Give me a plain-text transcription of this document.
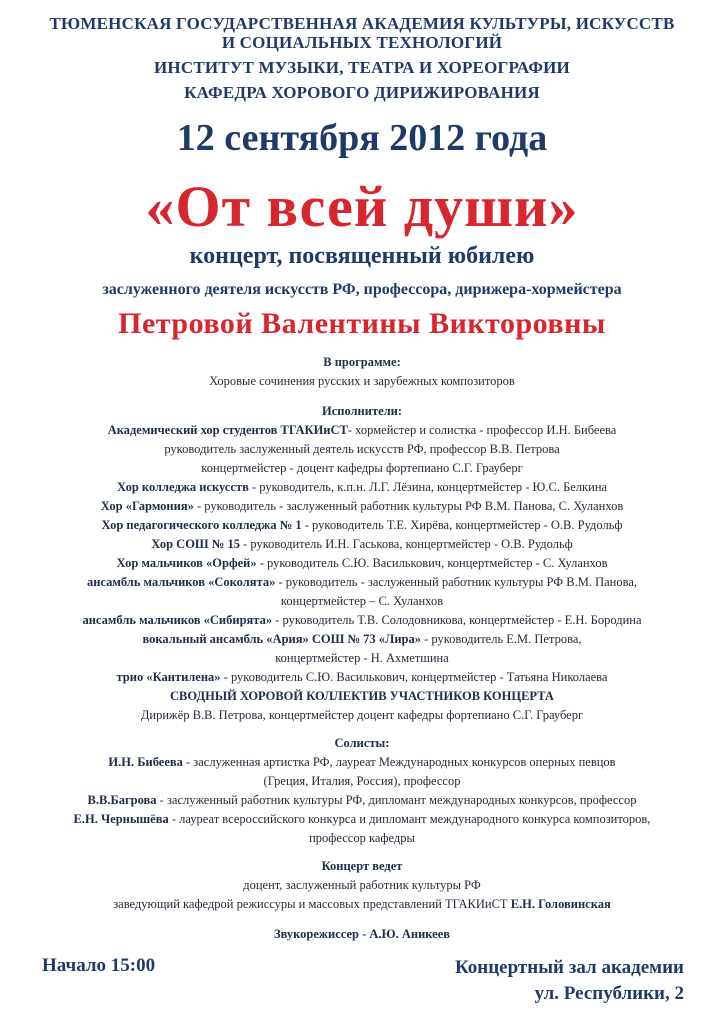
ТЮМЕНСКАЯ ГОСУДАРСТВЕННАЯ АКАДЕМИЯ КУЛЬТУРЫ, ИСКУССТВ
И СОЦИАЛЬНЫХ ТЕХНОЛОГИЙ
ИНСТИТУТ МУЗЫКИ, ТЕАТРА И ХОРЕОГРАФИИ
КАФЕДРА ХОРОВОГО ДИРИЖИРОВАНИЯ
12 сентября 2012 года
«От всей души»
концерт, посвященный юбилею
заслуженного деятеля искусств РФ, профессора, дирижера-хормейстера
Петровой Валентины Викторовны
В программе:
Хоровые сочинения русских и зарубежных композиторов
Исполнители:
Академический хор студентов ТГАКИиСТ- хормейстер и солистка - профессор И.Н. Бибеева
руководитель заслуженный деятель искусств РФ, профессор В.В. Петрова
концертмейстер - доцент кафедры фортепиано С.Г. Грауберг
Хор колледжа искусств - руководитель, к.п.н. Л.Г. Лёзина, концертмейстер - Ю.С. Белкина
Хор «Гармония» - руководитель - заслуженный работник культуры РФ В.М. Панова, С. Хуланхов
Хор педагогического колледжа № 1 - руководитель Т.Е. Хирёва, концертмейстер - О.В. Рудольф
Хор СОШ № 15 - руководитель И.Н. Гаськова, концертмейстер - О.В. Рудольф
Хор мальчиков «Орфей» - руководитель С.Ю. Василькович, концертмейстер - С. Хуланхов
ансамбль мальчиков «Соколята» - руководитель - заслуженный работник культуры РФ В.М. Панова,
концертмейстер – С. Хуланхов
ансамбль мальчиков «Сибирята» - руководитель Т.В. Солодовникова, концертмейстер - Е.Н. Бородина
вокальный ансамбль «Ария» СОШ № 73 «Лира» - руководитель Е.М. Петрова,
концертмейстер - Н. Ахметшина
трио «Кантилена» - руководитель С.Ю. Василькович, концертмейстер - Татьяна Николаева
СВОДНЫЙ ХОРОВОЙ КОЛЛЕКТИВ УЧАСТНИКОВ КОНЦЕРТА
Дирижёр В.В. Петрова, концертмейстер доцент кафедры фортепиано С.Г. Грауберг
Солисты:
И.Н. Бибеева - заслуженная артистка РФ, лауреат Международных конкурсов оперных певцов
(Греция, Италия, Россия), профессор
В.В.Багрова - заслуженный работник культуры РФ, дипломант международных конкурсов, профессор
Е.Н. Чернышёва - лауреат всероссийского конкурса и дипломант международного конкурса композиторов,
профессор кафедры
Концерт ведет
доцент, заслуженный работник культуры РФ
заведующий кафедрой режиссуры и массовых представлений ТГАКИиСТ Е.Н. Головинская
Звукорежиссер - А.Ю. Аникеев
Начало 15:00	Концертный зал академии
ул. Республики, 2
